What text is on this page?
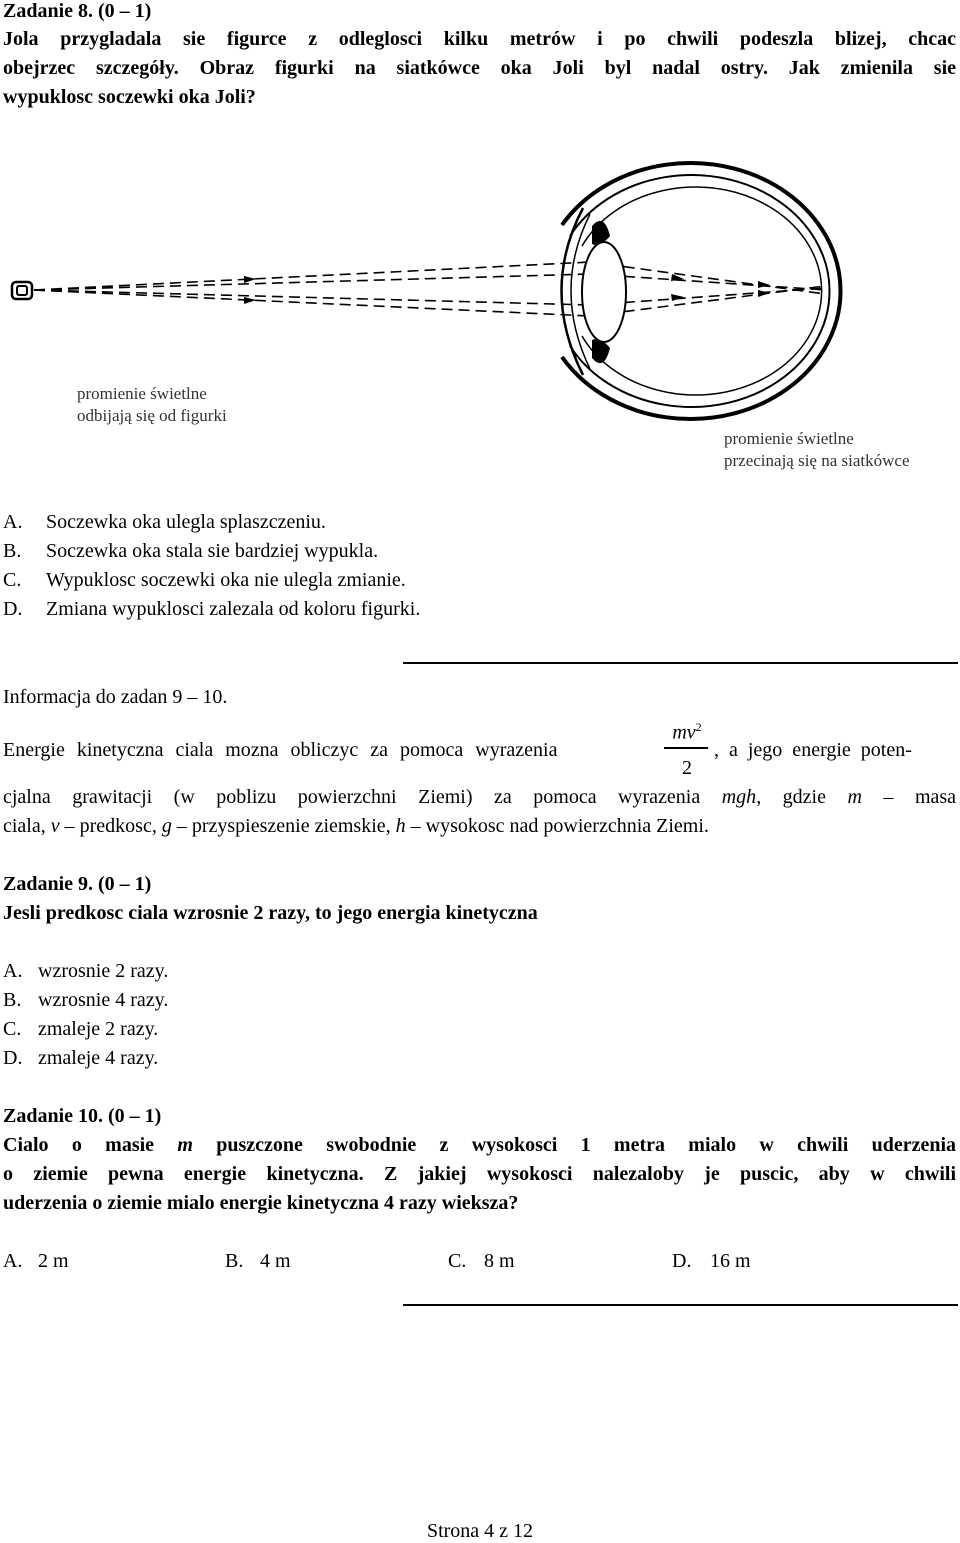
Zadanie 8. (0 – 1)
Jola przygladala sie figurce z odleglosci kilku metrów i po chwili podeszla blizej, chcac
obejrzec szczegóły. Obraz figurki na siatkówce oka Joli byl nadal ostry. Jak zmienila sie
wypuklosc soczewki oka Joli?
promienie świetlne
odbijają się od figurki
promienie świetlne
przecinają się na siatkówce
A. Soczewka oka ulegla splaszczeniu.
B. Soczewka oka stala sie bardziej wypukla.
C. Wypuklosc soczewki oka nie ulegla zmianie.
D. Zmiana wypuklosci zalezala od koloru figurki.
Informacja do zadan 9 – 10.
Energie kinetyczna ciala mozna obliczyc za pomoca wyrazenia
$mv^2$
2
, a jego energie poten-
cjalna grawitacji (w poblizu powierzchni Ziemi) za pomoca wyrazenia mgh, gdzie m – masa
ciala, v – predkosc, g – przyspieszenie ziemskie, h – wysokosc nad powierzchnia Ziemi.
Zadanie 9. (0 – 1)
Jesli predkosc ciala wzrosnie 2 razy, to jego energia kinetyczna
A. wzrosnie 2 razy.
B. wzrosnie 4 razy.
C. zmaleje 2 razy.
D. zmaleje 4 razy.
Zadanie 10. (0 – 1)
Cialo o masie m puszczone swobodnie z wysokosci 1 metra mialo w chwili uderzenia
o ziemie pewna energie kinetyczna. Z jakiej wysokosci nalezaloby je puscic, aby w chwili
uderzenia o ziemie mialo energie kinetyczna 4 razy wieksza?
A. 2 m	B. 4 m	C. 8 m	D. 16 m
Strona 4 z 12
